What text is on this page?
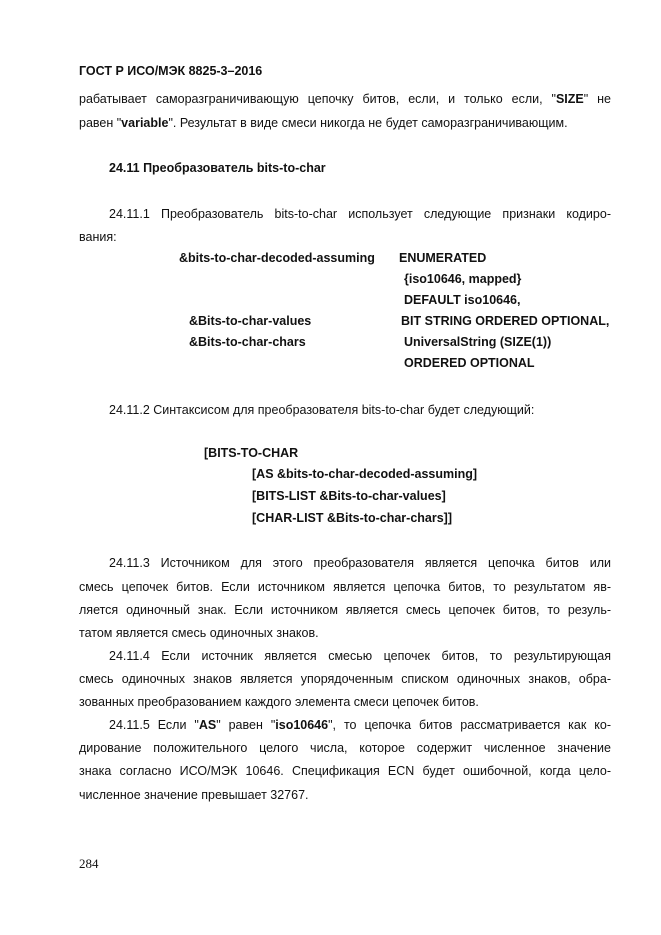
ГОСТ Р ИСО/МЭК 8825-3–2016
рабатывает саморазграничивающую цепочку битов, если, и только если, "SIZE" не
равен "variable". Результат в виде смеси никогда не будет саморазграничивающим.
24.11 Преобразователь bits-to-char
24.11.1 Преобразователь bits-to-char использует следующие признаки кодиро-
вания:
&bits-to-char-decoded-assuming ENUMERATED
{iso10646, mapped}
DEFAULT iso10646,
&Bits-to-char-values	BIT STRING ORDERED OPTIONAL,
&Bits-to-char-chars	UniversalString (SIZE(1))
ORDERED OPTIONAL
24.11.2 Синтаксисом для преобразователя bits-to-char будет следующий:
[BITS-TO-CHAR
[AS &bits-to-char-decoded-assuming]
[BITS-LIST &Bits-to-char-values]
[CHAR-LIST &Bits-to-char-chars]]
24.11.3 Источником для этого преобразователя является цепочка битов или
смесь цепочек битов. Если источником является цепочка битов, то результатом яв-
ляется одиночный знак. Если источником является смесь цепочек битов, то резуль-
татом является смесь одиночных знаков.
24.11.4 Если источник является смесью цепочек битов, то результирующая
смесь одиночных знаков является упорядоченным списком одиночных знаков, обра-
зованных преобразованием каждого элемента смеси цепочек битов.
24.11.5 Если "AS" равен "iso10646", то цепочка битов рассматривается как ко-
дирование положительного целого числа, которое содержит численное значение
знака согласно ИСО/МЭК 10646. Спецификация ECN будет ошибочной, когда цело-
численное значение превышает 32767.
284
